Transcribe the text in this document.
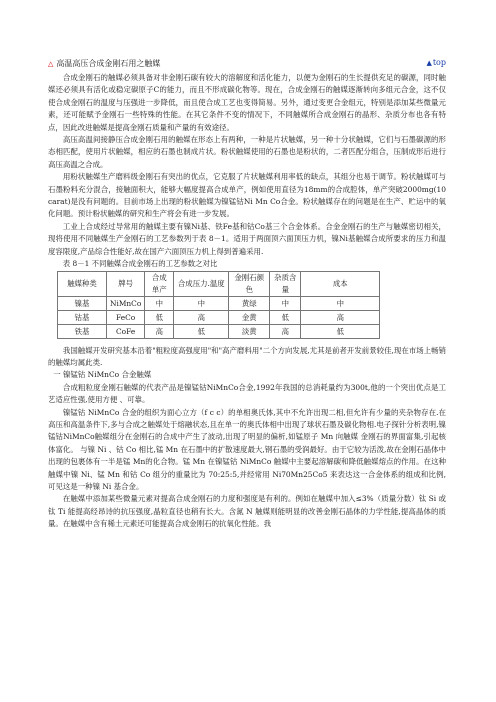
△ 高温高压合成金刚石用之触媒	▲top

合成金刚石的触媒必须具备对非金刚石碳有较大的溶解度和活化能力，以便为金刚石的生长提供充足的碳源，同时触媒还必须具有活化或稳定碳原子C的能力，而且不形成碳化物等。现在，合成金刚石的触媒逐渐转向多组元合金，这不仅使合成金刚石的温度与压强进一步降低，而且使合成工艺也变得简易。另外，通过变更合金组元，特别是添加某些微量元素，还可能赋予金刚石一些特殊的性能。在其它条件不变的情况下，不同触媒所合成金刚石的晶形、杂质分布也各有特点，因此改进触媒是提高金刚石质量和产量的有效途径。

高压高温间接静压合成金刚石用的触媒在形态上有两种，一种是片状触媒，另一种十分状触媒，它们与石墨碳源的形态相匹配，使用片状触媒，相应的石墨也制成片状。粉状触媒使用的石墨也是粉状的，二者匹配分组合，压制成形后进行高压高温之合成。

用粉状触媒生产磨料级金刚石有突出的优点，它克服了片状触媒利用率低的缺点，其组分也易于调节。粉状触媒可与石墨粉料充分混合，接触面积大，能够大幅度提高合成单产，例如使用直径为18mm的合成腔体，单产突破2000mg(10carat)是没有问题的。目前市场上出现的粉状触媒为镍锰钴Ni Mn Co合金。粉状触媒存在的问题是在生产、贮运中的氧化问题。预计粉状触媒的研究和生产将会有进一步发展。

工业上合成经过导常用的触媒主要有镍Ni基、铁Fe基和钴Co基三个合金体系。合金金刚石的生产与触媒密切相关，现将使用不同触媒生产金刚石的工艺参数列于表 8－1。适用于两面顶六面顶压力机，镍Ni基触媒合成所要求的压力和温度容限度,产品综合性能好,故在国产六面顶压力机上得到普遍采用.

表 8－1 不同触媒合成金刚石的工艺参数之对比

触媒种类	牌号	合成单产	合成压力.温度	金刚石颜色	杂质含量	成本
镍基	NiMnCo	中	中	黄绿	中	中
钴基	FeCo	低	高	金黄	低	高
铁基	CoFe	高	低	淡黄	高	低

我国触媒开发研究基本沿着"粗粒度高强度用"和"高产磨料用"二个方向发展,尤其是前者开发前景较佳,现在市场上畅销的触媒均属此类.

一 镍锰钴 NiMnCo 合金触媒

合成粗粒度金刚石触媒的代表产品是镍锰钴NiMnCo合金,1992年我国的总消耗量约为300t,他的一个突出优点是工艺适应性强,使用方便 、可靠。

镍锰钴 NiMnCo 合金的组织为面心立方（f c c）的单相奥氏体,其中不允许出现二相,但允许有少量的夹杂物存在.在高压和高温条件下,多与合成之触媒处于熔融状态,且在单一的奥氏体相中出现了球状石墨及碳化物相.电子探针分析表明,镍锰钴NiMnCo触媒组分在金刚石的合成中产生了波动,出现了明显的偏析,如锰原子 Mn 向触媒 金刚石的界面富集,引起核体富化。 与镍 Ni 、钴 Co 相比,锰 Mn 在石墨中的扩散速度最大,钢石墨的受润最好。由于它较为活泼,故在金刚石晶体中出现的包裹体有一半是锰 Mn的化合物。锰 Mn 在镍锰钴 NiMnCo 触媒中主要起溶解碳和降低触媒熔点的作用。在这种触媒中镍 Ni、锰 Mn 和钴 Co 组分的重量比为 70:25:5,并经常用 Ni70Mn25Co5 来表达这一合金体系的组成和比例,可见这是一种镍 Ni 基合金。

在触媒中添加某些微量元素对提高合成金刚石的力度和强度是有利的。例如在触媒中加入≤3%（质量分数）钛 Si 或钛 Ti 能提高经昂诗的抗压强度,晶粒直径也稍有长大。含氮 N 触媒则能明显的改善金刚石晶体的力学性能,提高晶体的质量。在触媒中含有稀土元素还可能提高合成金刚石的抗氧化性能。我
